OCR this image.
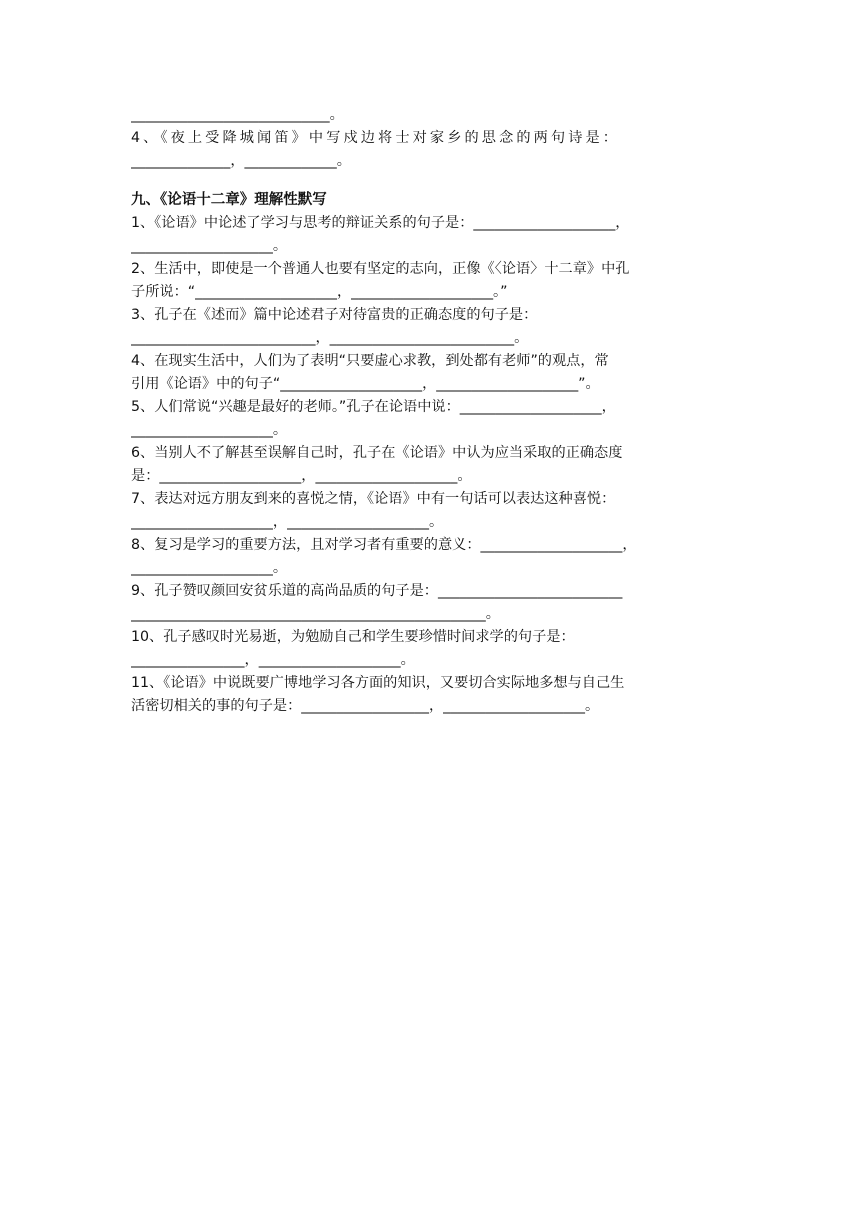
____________________________。
4、《夜上受降城闻笛》中写戍边将士对家乡的思念的两句诗是：
______________，_____________。
九、《论语十二章》理解性默写
1、《论语》中论述了学习与思考的辩证关系的句子是：____________________，
____________________。
2、生活中，即使是一个普通人也要有坚定的志向，正像《〈论语〉十二章》中孔
子所说：“____________________，____________________。”
3、孔子在《述而》篇中论述君子对待富贵的正确态度的句子是：
__________________________，__________________________。
4、在现实生活中，人们为了表明“只要虚心求教，到处都有老师”的观点，常
引用《论语》中的句子“____________________，____________________”。
5、人们常说“兴趣是最好的老师。”孔子在论语中说：____________________，
____________________。
6、当别人不了解甚至误解自己时，孔子在《论语》中认为应当采取的正确态度
是：____________________，____________________。
7、表达对远方朋友到来的喜悦之情，《论语》中有一句话可以表达这种喜悦：
____________________，____________________。
8、复习是学习的重要方法，且对学习者有重要的意义：____________________，
____________________。
9、孔子赞叹颜回安贫乐道的高尚品质的句子是：__________________________
__________________________________________________。
10、孔子感叹时光易逝，为勉励自己和学生要珍惜时间求学的句子是：
________________，____________________。
11、《论语》中说既要广博地学习各方面的知识，又要切合实际地多想与自己生
活密切相关的事的句子是：__________________，____________________。
